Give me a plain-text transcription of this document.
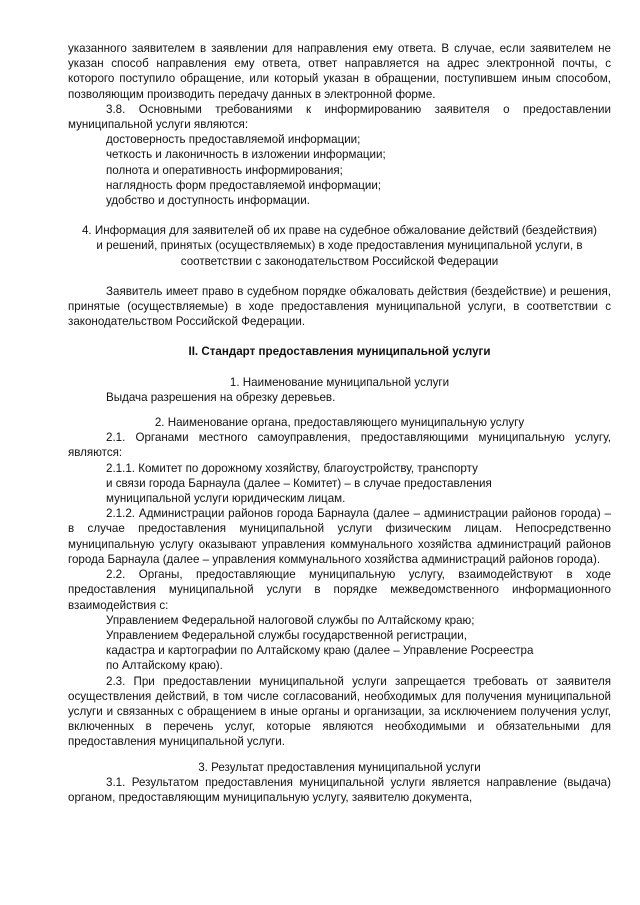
указанного заявителем в заявлении для направления ему ответа. В случае, если заявителем не указан способ направления ему ответа, ответ направляется на адрес электронной почты, с которого поступило обращение, или который указан в обращении, поступившем иным способом, позволяющим производить передачу данных в электронной форме.

3.8. Основными требованиями к информированию заявителя о предоставлении муниципальной услуги являются:

достоверность предоставляемой информации;
четкость и лаконичность в изложении информации;
полнота и оперативность информирования;
наглядность форм предоставляемой информации;
удобство и доступность информации.

4. Информация для заявителей об их праве на судебное обжалование действий (бездействия) и решений, принятых (осуществляемых) в ходе предоставления муниципальной услуги, в соответствии с законодательством Российской Федерации

Заявитель имеет право в судебном порядке обжаловать действия (бездействие) и решения, принятые (осуществляемые) в ходе предоставления муниципальной услуги, в соответствии с законодательством Российской Федерации.

II. Стандарт предоставления муниципальной услуги

1. Наименование муниципальной услуги

Выдача разрешения на обрезку деревьев.

2. Наименование органа, предоставляющего муниципальную услугу

2.1. Органами местного самоуправления, предоставляющими муниципальную услугу, являются:

2.1.1. Комитет по дорожному хозяйству, благоустройству, транспорту
и связи города Барнаула (далее – Комитет) – в случае предоставления
муниципальной услуги юридическим лицам.

2.1.2. Администрации районов города Барнаула (далее – администрации районов города) – в случае предоставления муниципальной услуги физическим лицам. Непосредственно муниципальную услугу оказывают управления коммунального хозяйства администраций районов города Барнаула (далее – управления коммунального хозяйства администраций районов города).

2.2. Органы, предоставляющие муниципальную услугу, взаимодействуют в ходе предоставления муниципальной услуги в порядке межведомственного информационного взаимодействия с:

Управлением Федеральной налоговой службы по Алтайскому краю;
Управлением Федеральной службы государственной регистрации,
кадастра и картографии по Алтайскому краю (далее – Управление Росреестра
по Алтайскому краю).

2.3. При предоставлении муниципальной услуги запрещается требовать от заявителя осуществления действий, в том числе согласований, необходимых для получения муниципальной услуги и связанных с обращением в иные органы и организации, за исключением получения услуг, включенных в перечень услуг, которые являются необходимыми и обязательными для предоставления муниципальной услуги.

3. Результат предоставления муниципальной услуги

3.1. Результатом предоставления муниципальной услуги является направление (выдача) органом, предоставляющим муниципальную услугу, заявителю документа,
